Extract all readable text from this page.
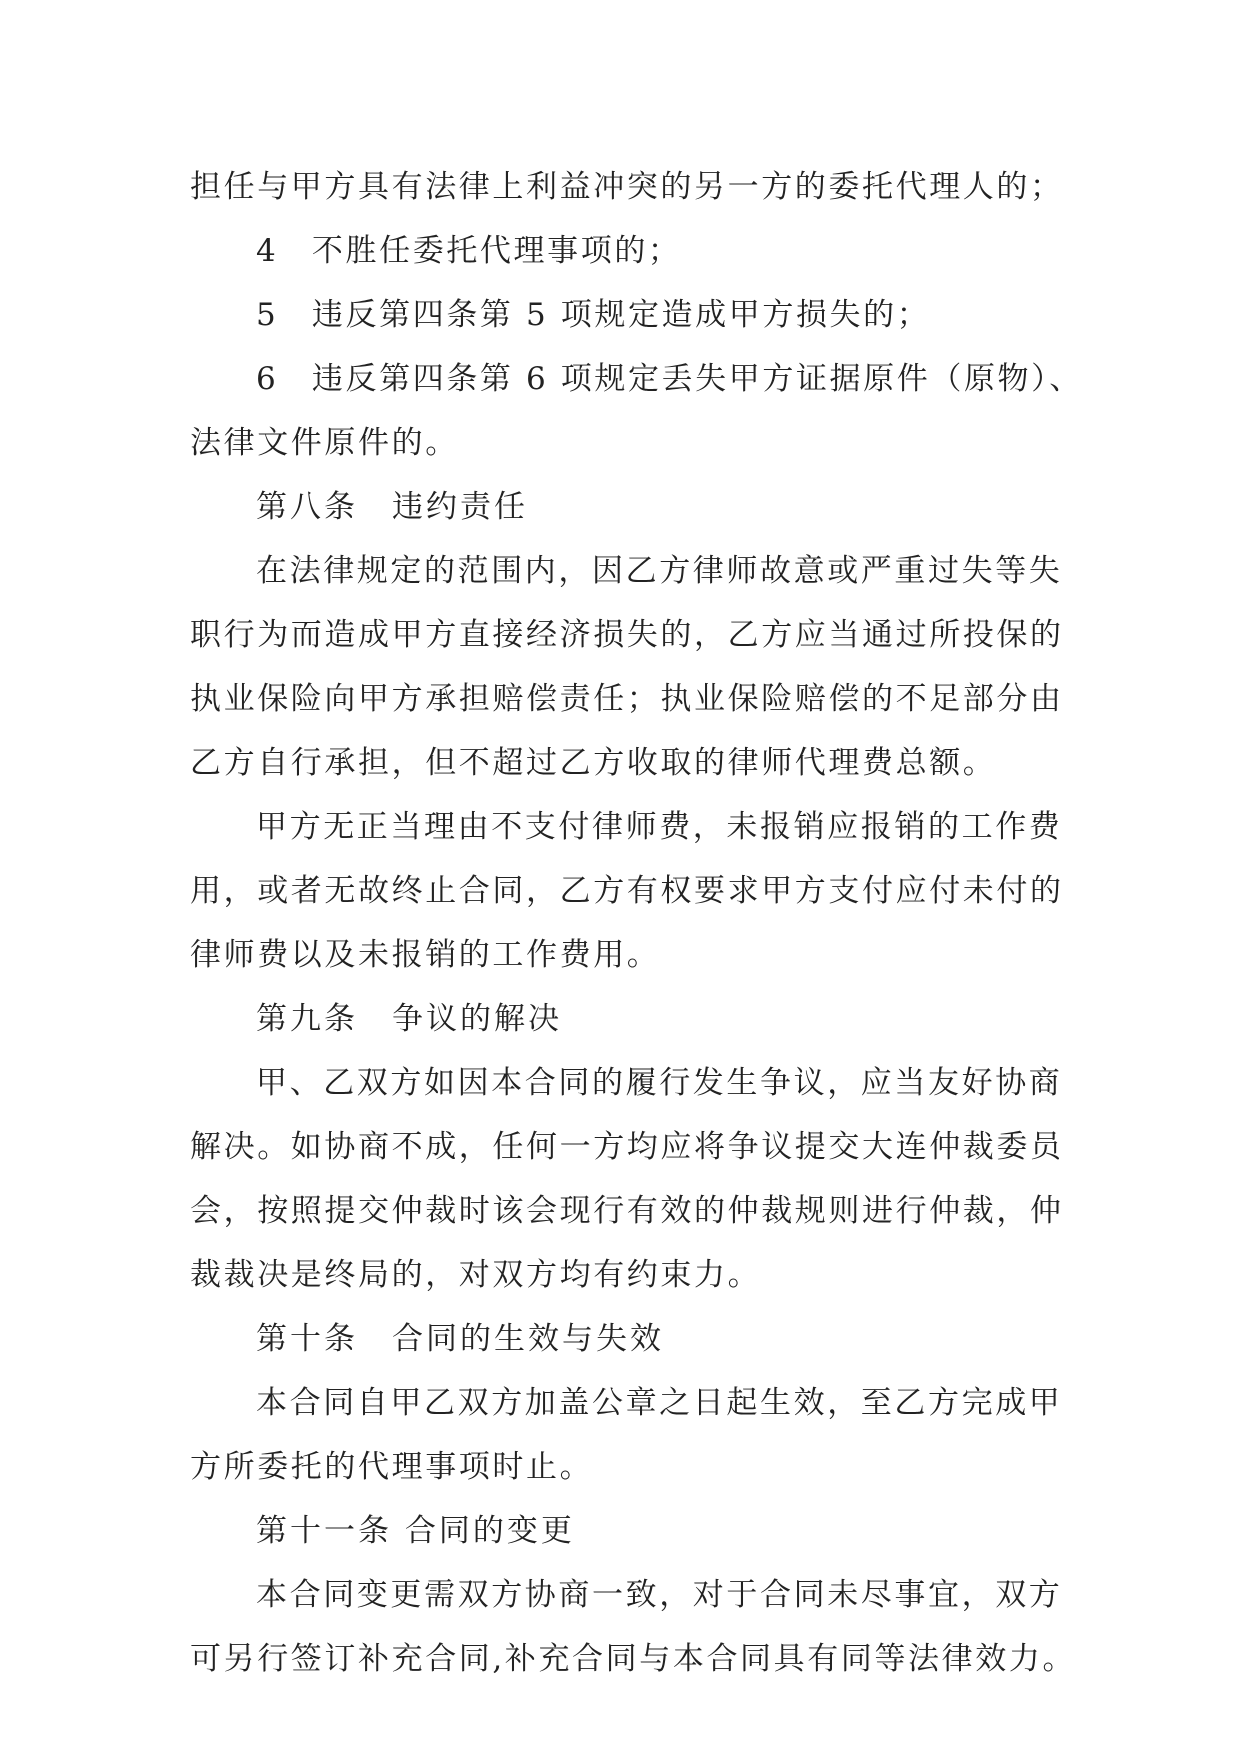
担任与甲方具有法律上利益冲突的另一方的委托代理人的；
4　不胜任委托代理事项的；
5　违反第四条第 5 项规定造成甲方损失的；
6　违反第四条第 6 项规定丢失甲方证据原件（原物）、
法律文件原件的。
第八条　违约责任
在法律规定的范围内，因乙方律师故意或严重过失等失
职行为而造成甲方直接经济损失的，乙方应当通过所投保的
执业保险向甲方承担赔偿责任；执业保险赔偿的不足部分由
乙方自行承担，但不超过乙方收取的律师代理费总额。
甲方无正当理由不支付律师费，未报销应报销的工作费
用，或者无故终止合同，乙方有权要求甲方支付应付未付的
律师费以及未报销的工作费用。
第九条　争议的解决
甲、乙双方如因本合同的履行发生争议，应当友好协商
解决。如协商不成，任何一方均应将争议提交大连仲裁委员
会，按照提交仲裁时该会现行有效的仲裁规则进行仲裁，仲
裁裁决是终局的，对双方均有约束力。
第十条　合同的生效与失效
本合同自甲乙双方加盖公章之日起生效，至乙方完成甲
方所委托的代理事项时止。
第十一条 合同的变更
本合同变更需双方协商一致，对于合同未尽事宜，双方
可另行签订补充合同,补充合同与本合同具有同等法律效力。
